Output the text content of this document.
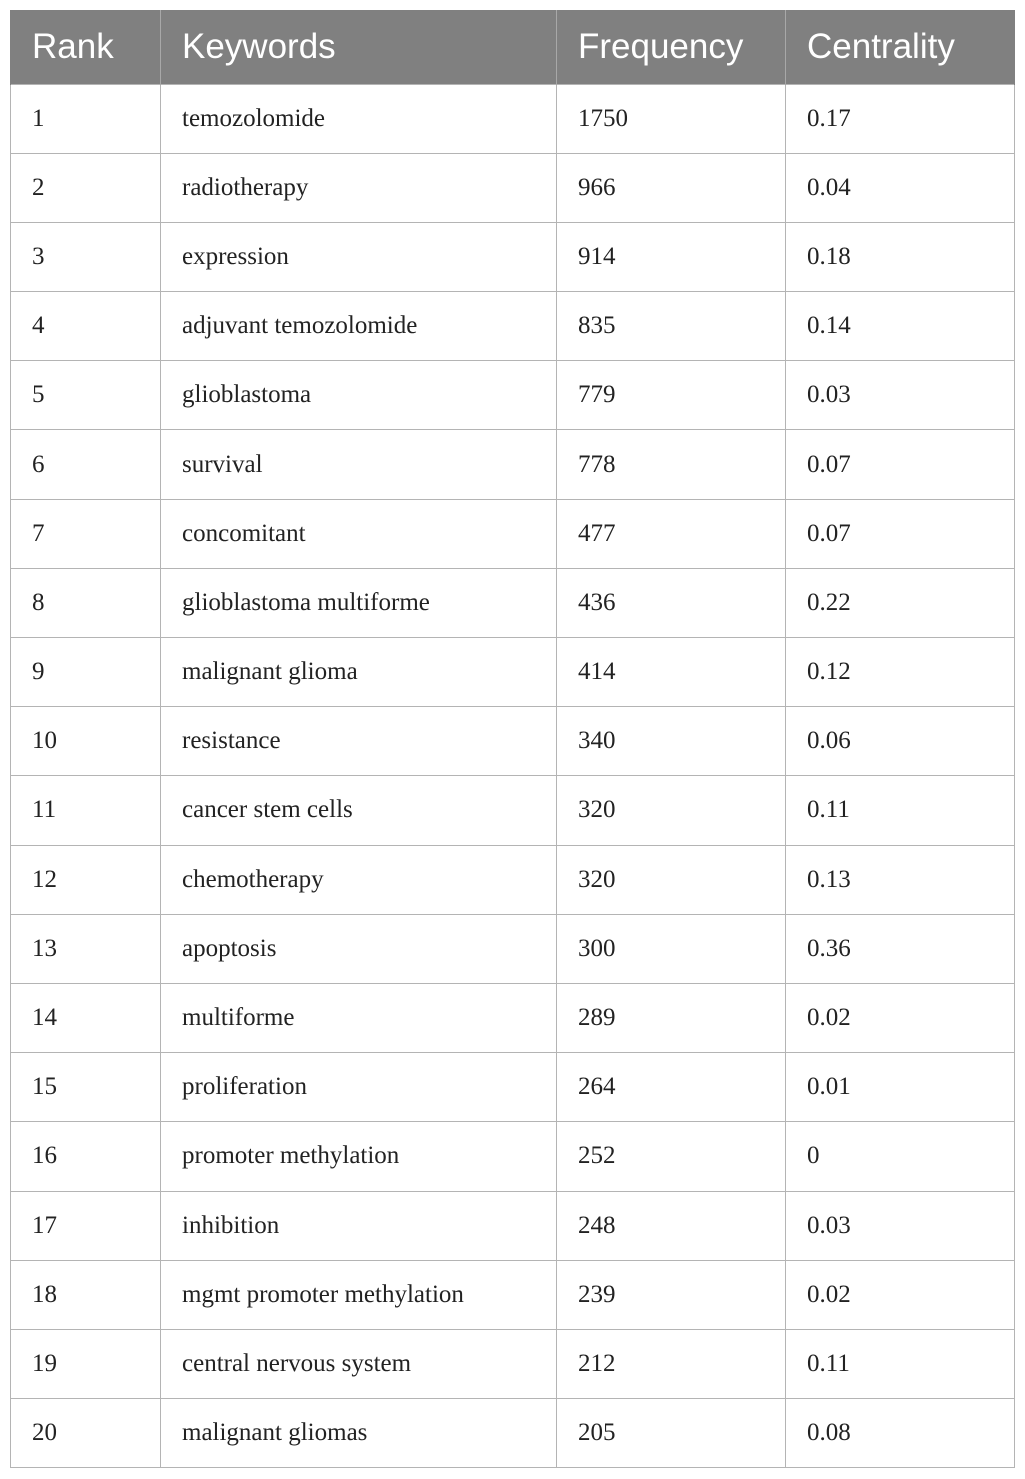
Rank	Keywords	Frequency	Centrality
1	temozolomide	1750	0.17
2	radiotherapy	966	0.04
3	expression	914	0.18
4	adjuvant temozolomide	835	0.14
5	glioblastoma	779	0.03
6	survival	778	0.07
7	concomitant	477	0.07
8	glioblastoma multiforme	436	0.22
9	malignant glioma	414	0.12
10	resistance	340	0.06
11	cancer stem cells	320	0.11
12	chemotherapy	320	0.13
13	apoptosis	300	0.36
14	multiforme	289	0.02
15	proliferation	264	0.01
16	promoter methylation	252	0
17	inhibition	248	0.03
18	mgmt promoter methylation	239	0.02
19	central nervous system	212	0.11
20	malignant gliomas	205	0.08
